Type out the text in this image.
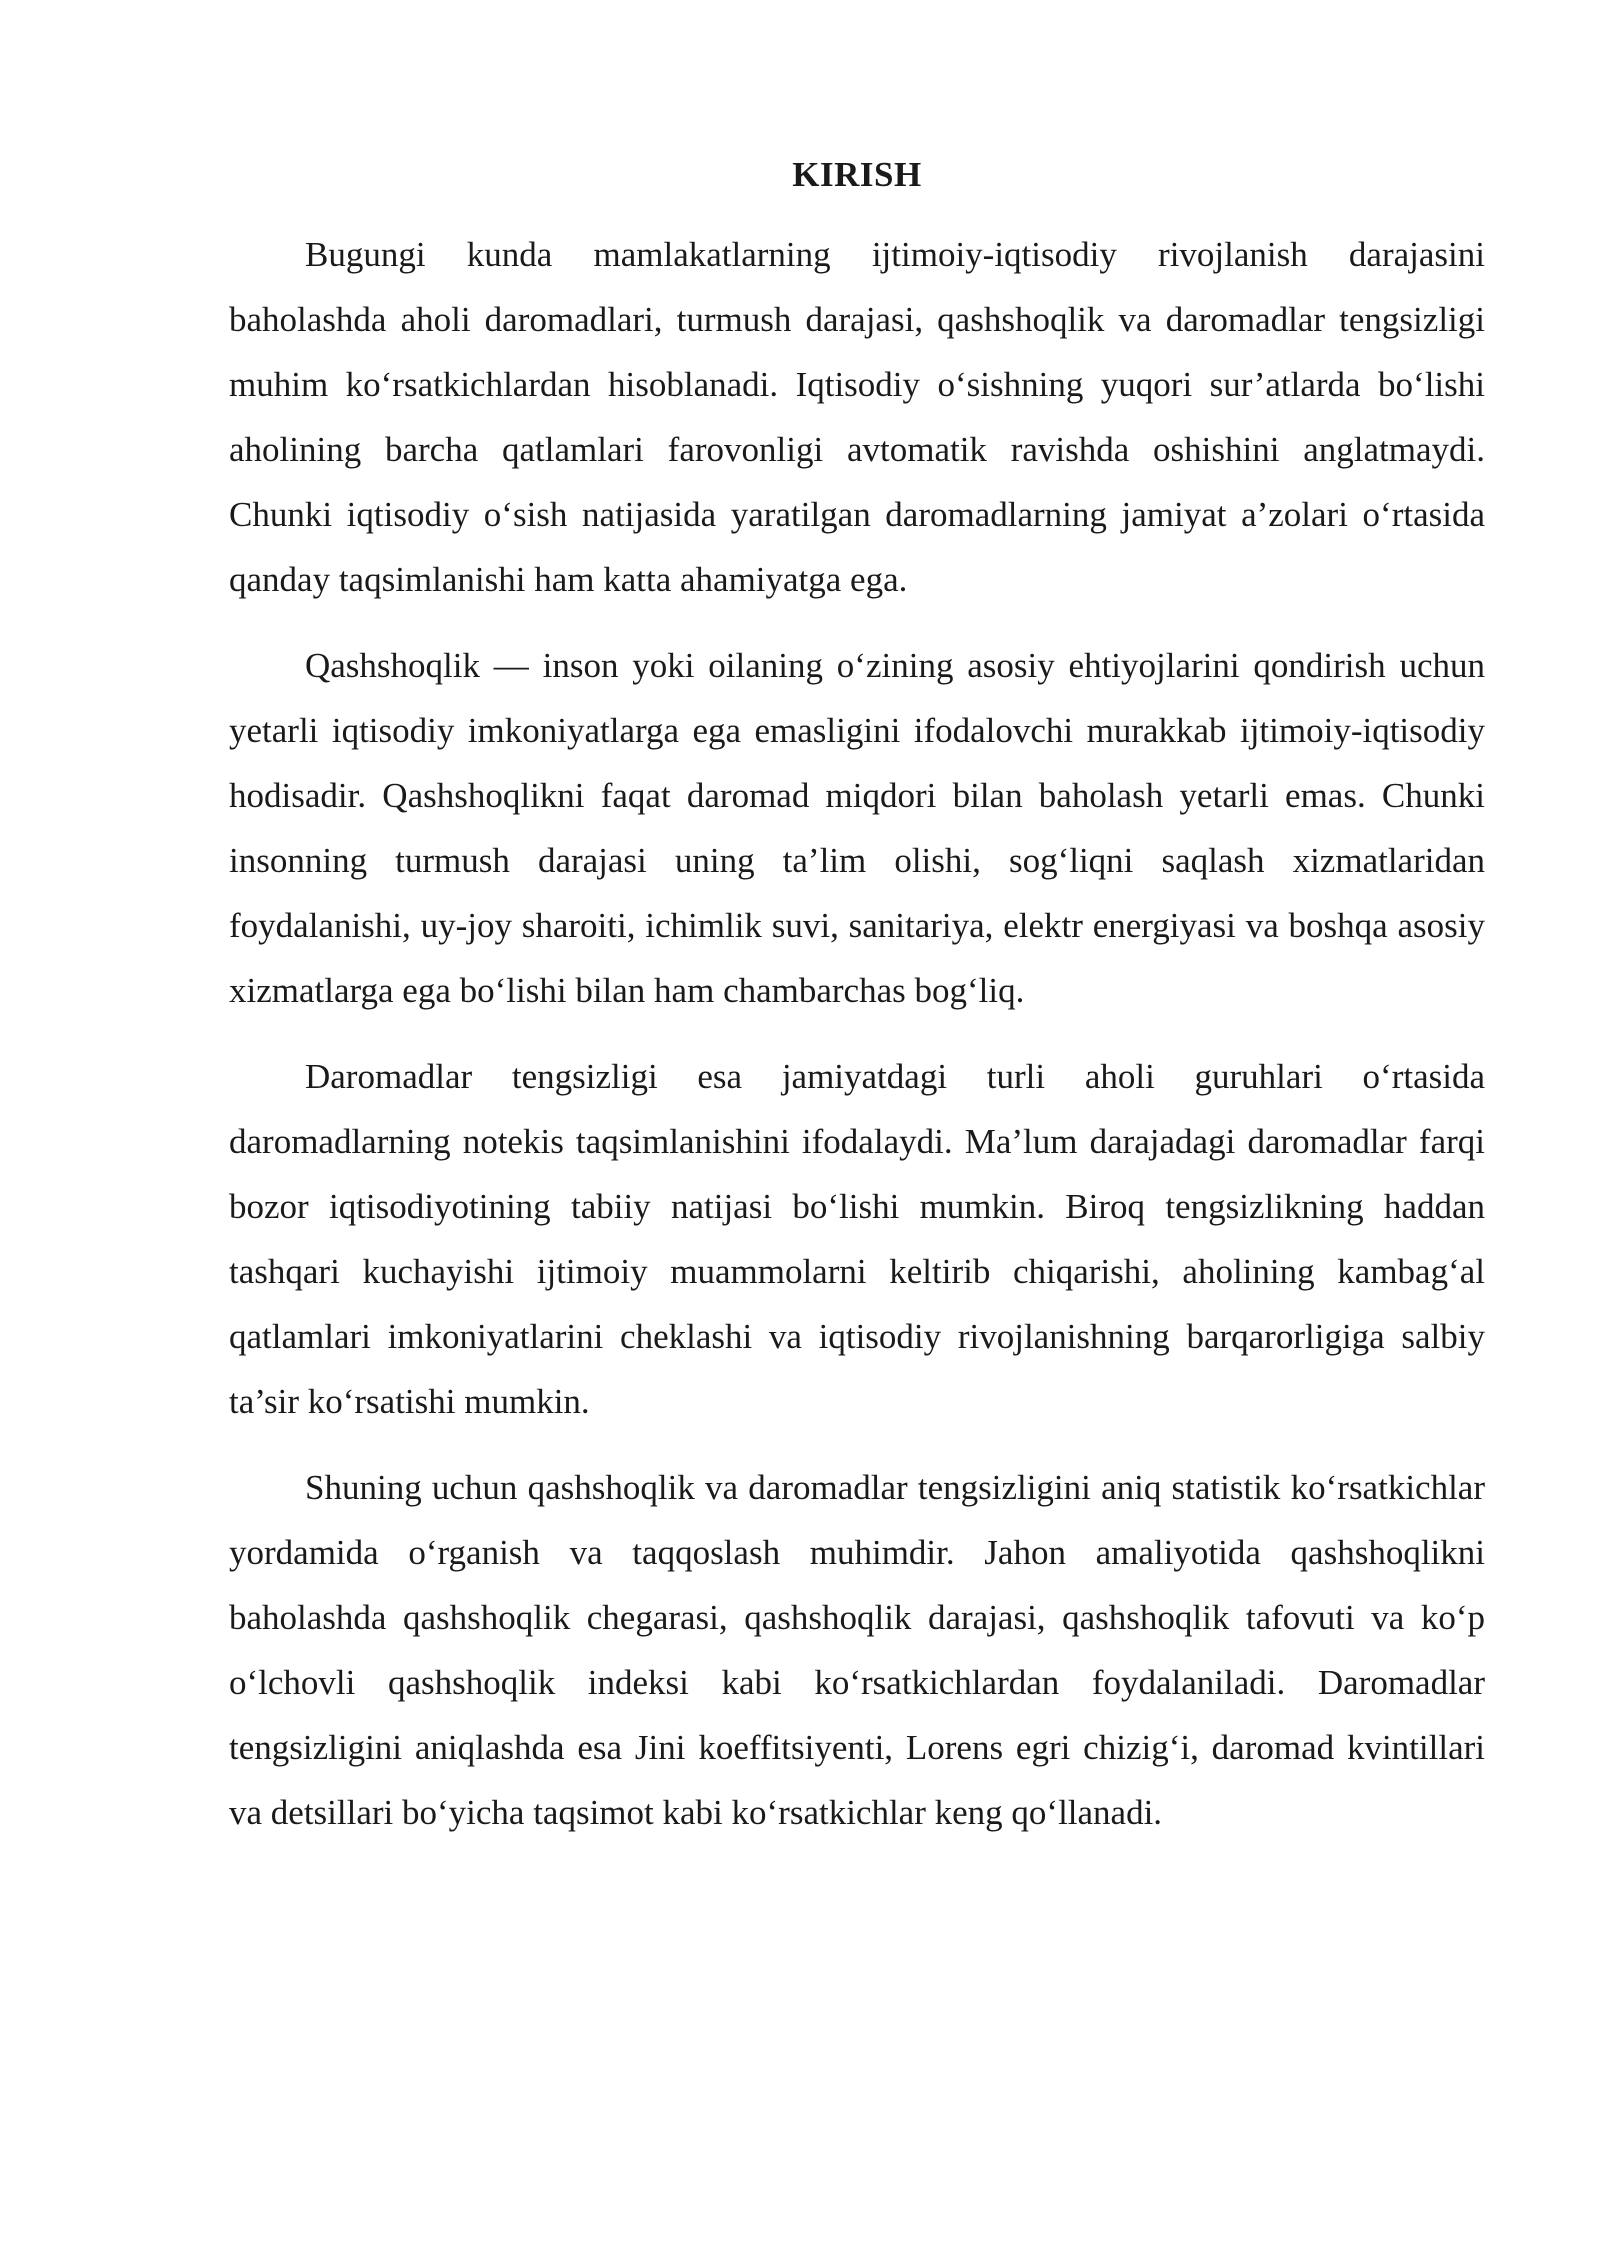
KIRISH

Bugungi kunda mamlakatlarning ijtimoiy-iqtisodiy rivojlanish darajasini baholashda aholi daromadlari, turmush darajasi, qashshoqlik va daromadlar tengsizligi muhim ko‘rsatkichlardan hisoblanadi. Iqtisodiy o‘sishning yuqori sur’atlarda bo‘lishi aholining barcha qatlamlari farovonligi avtomatik ravishda oshishini anglatmaydi. Chunki iqtisodiy o‘sish natijasida yaratilgan daromadlarning jamiyat a’zolari o‘rtasida qanday taqsimlanishi ham katta ahamiyatga ega.

Qashshoqlik — inson yoki oilaning o‘zining asosiy ehtiyojlarini qondirish uchun yetarli iqtisodiy imkoniyatlarga ega emasligini ifodalovchi murakkab ijtimoiy-iqtisodiy hodisadir. Qashshoqlikni faqat daromad miqdori bilan baholash yetarli emas. Chunki insonning turmush darajasi uning ta’lim olishi, sog‘liqni saqlash xizmatlaridan foydalanishi, uy-joy sharoiti, ichimlik suvi, sanitariya, elektr energiyasi va boshqa asosiy xizmatlarga ega bo‘lishi bilan ham chambarchas bog‘liq.

Daromadlar tengsizligi esa jamiyatdagi turli aholi guruhlari o‘rtasida daromadlarning notekis taqsimlanishini ifodalaydi. Ma’lum darajadagi daromadlar farqi bozor iqtisodiyotining tabiiy natijasi bo‘lishi mumkin. Biroq tengsizlikning haddan tashqari kuchayishi ijtimoiy muammolarni keltirib chiqarishi, aholining kambag‘al qatlamlari imkoniyatlarini cheklashi va iqtisodiy rivojlanishning barqarorligiga salbiy ta’sir ko‘rsatishi mumkin.

Shuning uchun qashshoqlik va daromadlar tengsizligini aniq statistik ko‘rsatkichlar yordamida o‘rganish va taqqoslash muhimdir. Jahon amaliyotida qashshoqlikni baholashda qashshoqlik chegarasi, qashshoqlik darajasi, qashshoqlik tafovuti va ko‘p o‘lchovli qashshoqlik indeksi kabi ko‘rsatkichlardan foydalaniladi. Daromadlar tengsizligini aniqlashda esa Jini koeffitsiyenti, Lorens egri chizig‘i, daromad kvintillari va detsillari bo‘yicha taqsimot kabi ko‘rsatkichlar keng qo‘llanadi.
